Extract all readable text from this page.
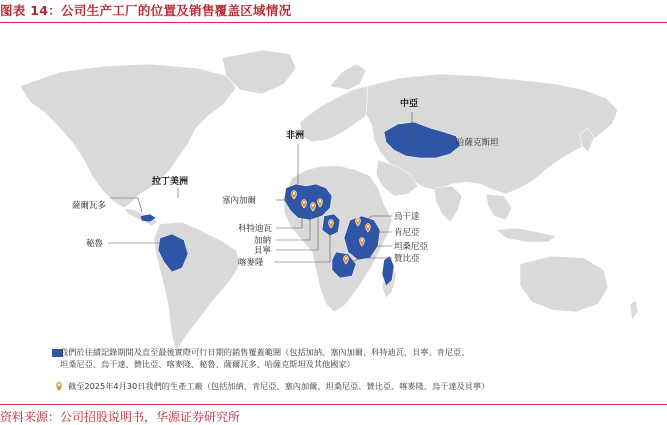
图表 14：公司生产工厂的位置及销售覆盖区域情况
中亞
非洲
拉丁美洲
哈薩克斯坦
薩爾瓦多
秘魯
塞內加爾
科特迪瓦
加納
貝寧
喀麥隆
烏干達
肯尼亞
坦桑尼亞
贊比亞
我們於往績記錄期間及直至最後實際可行日期的銷售覆蓋範圍（包括加納、塞內加爾、科特迪瓦、貝寧、肯尼亞、
坦桑尼亞、烏干達、贊比亞、喀麥隆、秘魯、薩爾瓦多、哈薩克斯坦及其他國家）
截至2025年4月30日我們的生產工廠（包括加納、肯尼亞、塞內加爾、坦桑尼亞、贊比亞、喀麥隆、烏干達及貝寧）
资料来源：公司招股说明书，华源证券研究所
